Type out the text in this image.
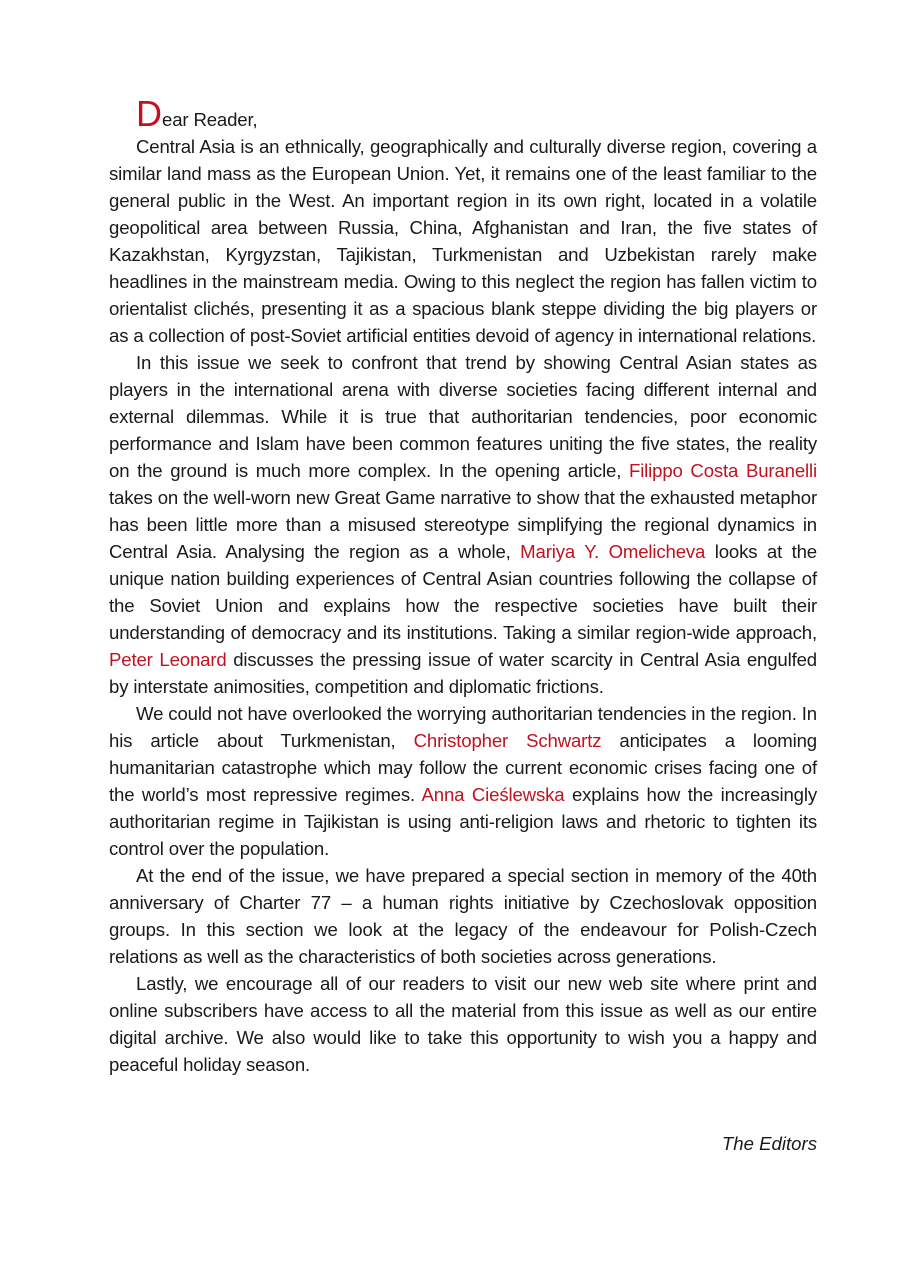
Dear Reader,

Central Asia is an ethnically, geographically and culturally diverse region, covering a similar land mass as the European Union. Yet, it remains one of the least familiar to the general public in the West. An important region in its own right, located in a volatile geopolitical area between Russia, China, Afghanistan and Iran, the five states of Kazakhstan, Kyrgyzstan, Tajikistan, Turkmenistan and Uzbekistan rarely make headlines in the mainstream media. Owing to this neglect the region has fallen victim to orientalist clichés, presenting it as a spacious blank steppe dividing the big players or as a collection of post-Soviet artificial entities devoid of agency in international relations.

In this issue we seek to confront that trend by showing Central Asian states as players in the international arena with diverse societies facing different internal and external dilemmas. While it is true that authoritarian tendencies, poor economic performance and Islam have been common features uniting the five states, the reality on the ground is much more complex. In the opening article, Filippo Costa Buranelli takes on the well-worn new Great Game narrative to show that the exhausted metaphor has been little more than a misused stereotype simplifying the regional dynamics in Central Asia. Analysing the region as a whole, Mariya Y. Omelicheva looks at the unique nation building experiences of Central Asian countries following the collapse of the Soviet Union and explains how the respective societies have built their understanding of democracy and its institutions. Taking a similar region-wide approach, Peter Leonard discusses the pressing issue of water scarcity in Central Asia engulfed by interstate animosities, competition and diplomatic frictions.

We could not have overlooked the worrying authoritarian tendencies in the region. In his article about Turkmenistan, Christopher Schwartz anticipates a looming humanitarian catastrophe which may follow the current economic crises facing one of the world’s most repressive regimes. Anna Cieślewska explains how the increasingly authoritarian regime in Tajikistan is using anti-religion laws and rhetoric to tighten its control over the population.

At the end of the issue, we have prepared a special section in memory of the 40th anniversary of Charter 77 – a human rights initiative by Czechoslovak opposition groups. In this section we look at the legacy of the endeavour for Polish-Czech relations as well as the characteristics of both societies across generations.

Lastly, we encourage all of our readers to visit our new web site where print and online subscribers have access to all the material from this issue as well as our entire digital archive. We also would like to take this opportunity to wish you a happy and peaceful holiday season.

The Editors
